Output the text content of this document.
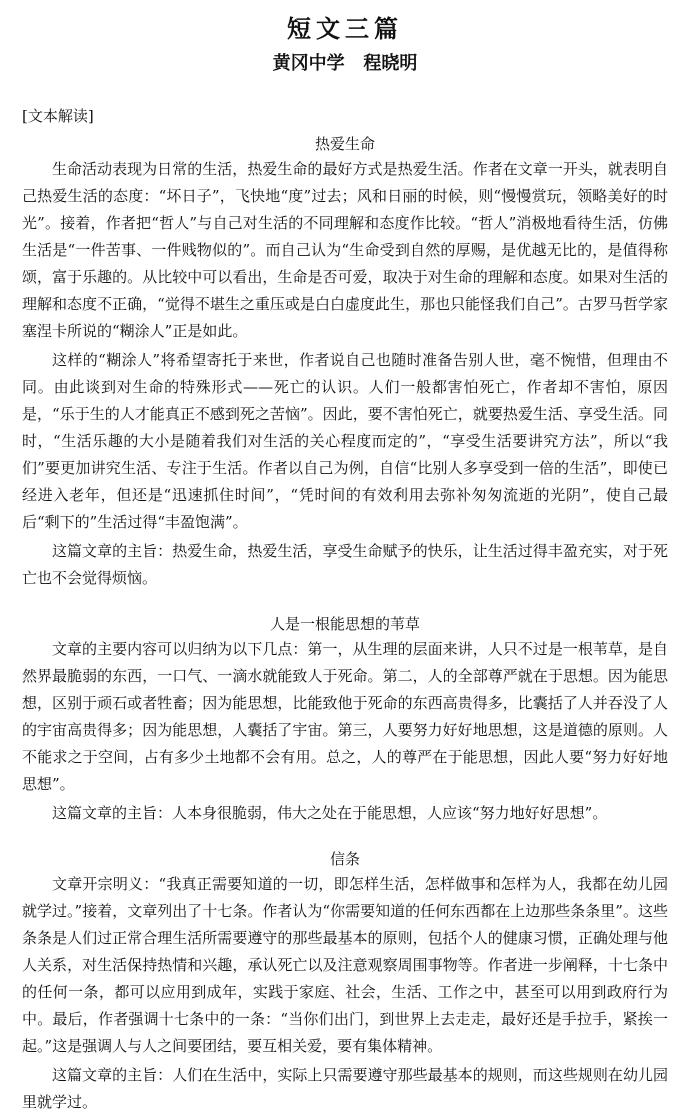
短文三篇
黄冈中学   程晓明
[文本解读]
热爱生命

生命活动表现为日常的生活，热爱生命的最好方式是热爱生活。作者在文章一开头，就表明自己热爱生活的态度：“坏日子”，飞快地“度”过去；风和日丽的时候，则“慢慢赏玩，领略美好的时光”。接着，作者把“哲人”与自己对生活的不同理解和态度作比较。“哲人”消极地看待生活，仿佛生活是“一件苦事、一件贱物似的”。而自己认为“生命受到自然的厚赐，是优越无比的，是值得称颂，富于乐趣的。从比较中可以看出，生命是否可爱，取决于对生命的理解和态度。如果对生活的理解和态度不正确，“觉得不堪生之重压或是白白虚度此生，那也只能怪我们自己”。古罗马哲学家塞涅卡所说的“糊涂人”正是如此。

这样的“糊涂人”将希望寄托于来世，作者说自己也随时准备告别人世，毫不惋惜，但理由不同。由此谈到对生命的特殊形式——死亡的认识。人们一般都害怕死亡，作者却不害怕，原因是，“乐于生的人才能真正不感到死之苦恼”。因此，要不害怕死亡，就要热爱生活、享受生活。同时，“生活乐趣的大小是随着我们对生活的关心程度而定的”，“享受生活要讲究方法”，所以“我们”要更加讲究生活、专注于生活。作者以自己为例，自信“比别人多享受到一倍的生活”，即使已经进入老年，但还是“迅速抓住时间”，“凭时间的有效利用去弥补匆匆流逝的光阴”，使自己最后“剩下的”生活过得“丰盈饱满”。

这篇文章的主旨：热爱生命，热爱生活，享受生命赋予的快乐，让生活过得丰盈充实，对于死亡也不会觉得烦恼。

人是一根能思想的苇草

文章的主要内容可以归纳为以下几点：第一，从生理的层面来讲，人只不过是一根苇草，是自然界最脆弱的东西，一口气、一滴水就能致人于死命。第二，人的全部尊严就在于思想。因为能思想，区别于顽石或者牲畜；因为能思想，比能致他于死命的东西高贵得多，比囊括了人并吞没了人的宇宙高贵得多；因为能思想，人囊括了宇宙。第三，人要努力好好地思想，这是道德的原则。人不能求之于空间，占有多少土地都不会有用。总之，人的尊严在于能思想，因此人要“努力好好地思想”。

这篇文章的主旨：人本身很脆弱，伟大之处在于能思想，人应该“努力地好好思想”。

信条

文章开宗明义：“我真正需要知道的一切，即怎样生活，怎样做事和怎样为人，我都在幼儿园就学过。”接着，文章列出了十七条。作者认为“你需要知道的任何东西都在上边那些条条里”。这些条条是人们过正常合理生活所需要遵守的那些最基本的原则，包括个人的健康习惯，正确处理与他人关系，对生活保持热情和兴趣，承认死亡以及注意观察周围事物等。作者进一步阐释，十七条中的任何一条，都可以应用到成年，实践于家庭、社会，生活、工作之中，甚至可以用到政府行为中。最后，作者强调十七条中的一条：“当你们出门，到世界上去走走，最好还是手拉手，紧挨一起。”这是强调人与人之间要团结，要互相关爱，要有集体精神。

这篇文章的主旨：人们在生活中，实际上只需要遵守那些最基本的规则，而这些规则在幼儿园里就学过。
